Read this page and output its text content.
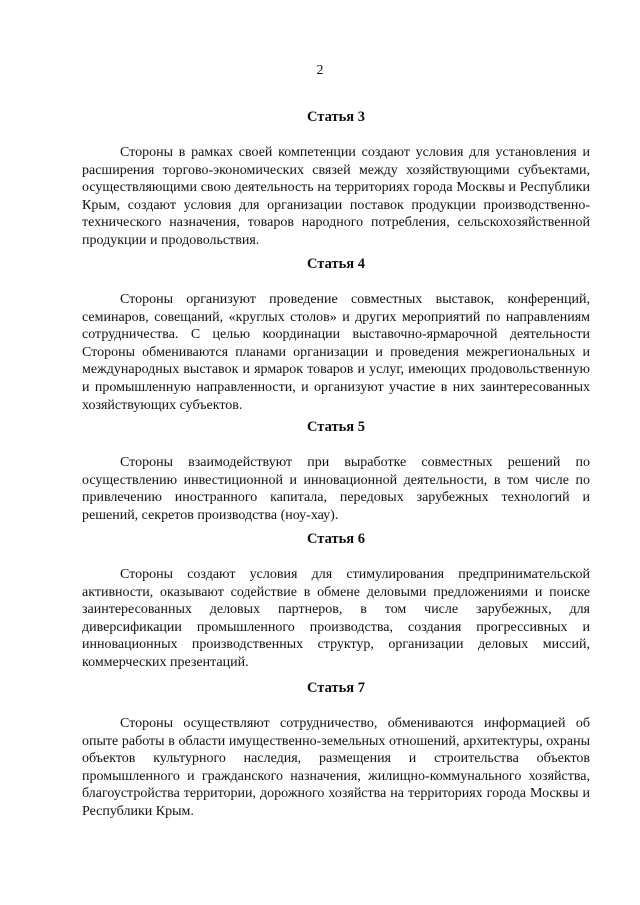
2
Статья 3

Стороны в рамках своей компетенции создают условия для установления и расширения торгово-экономических связей между хозяйствующими субъектами, осуществляющими свою деятельность на территориях города Москвы и Республики Крым, создают условия для организации поставок продукции производственно-технического назначения, товаров народного потребления, сельскохозяйственной продукции и продовольствия.

Статья 4

Стороны организуют проведение совместных выставок, конференций, семинаров, совещаний, «круглых столов» и других мероприятий по направлениям сотрудничества. С целью координации выставочно-ярмарочной деятельности Стороны обмениваются планами организации и проведения межрегиональных и международных выставок и ярмарок товаров и услуг, имеющих продовольственную и промышленную направленности, и организуют участие в них заинтересованных хозяйствующих субъектов.

Статья 5

Стороны взаимодействуют при выработке совместных решений по осуществлению инвестиционной и инновационной деятельности, в том числе по привлечению иностранного капитала, передовых зарубежных технологий и решений, секретов производства (ноу-хау).

Статья 6

Стороны создают условия для стимулирования предпринимательской активности, оказывают содействие в обмене деловыми предложениями и поиске заинтересованных деловых партнеров, в том числе зарубежных, для диверсификации промышленного производства, создания прогрессивных и инновационных производственных структур, организации деловых миссий, коммерческих презентаций.

Статья 7

Стороны осуществляют сотрудничество, обмениваются информацией об опыте работы в области имущественно-земельных отношений, архитектуры, охраны объектов культурного наследия, размещения и строительства объектов промышленного и гражданского назначения, жилищно-коммунального хозяйства, благоустройства территории, дорожного хозяйства на территориях города Москвы и Республики Крым.
